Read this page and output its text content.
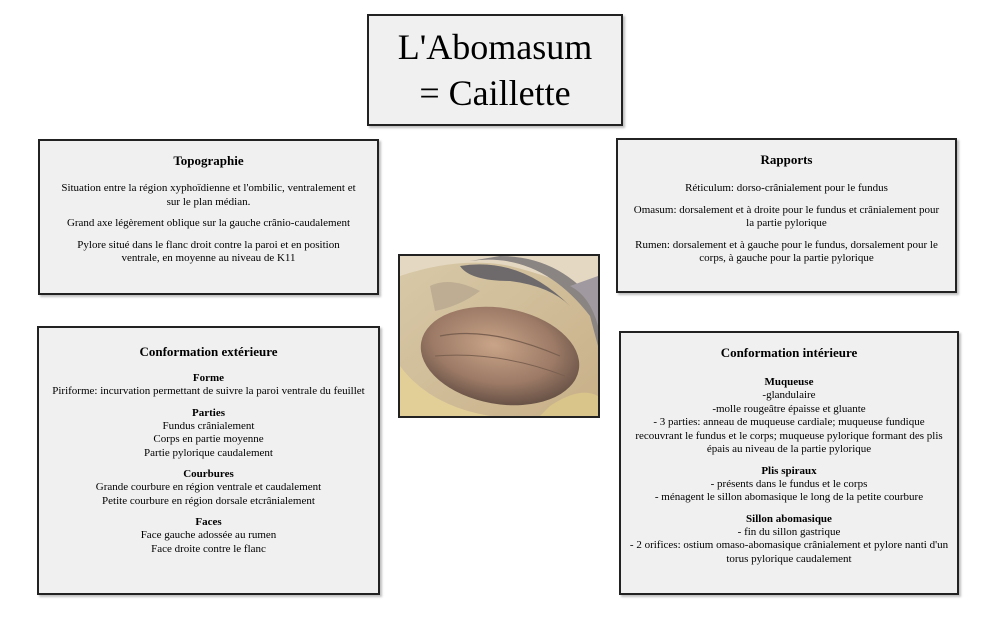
L'Abomasum
= Caillette
Topographie

Situation entre la région xyphoïdienne et l'ombilic, ventralement et sur le plan médian.

Grand axe légèrement oblique sur la gauche crânio-caudalement

Pylore situé dans le flanc droit contre la paroi et en position ventrale, en moyenne au niveau de K11

Rapports

Réticulum: dorso-crânialement pour le fundus

Omasum: dorsalement et à droite pour le fundus et crânialement pour la partie pylorique

Rumen: dorsalement et à gauche pour le fundus, dorsalement pour le corps, à gauche pour la partie pylorique

Conformation extérieure
Forme

Piriforme: incurvation permettant de suivre la paroi ventrale du feuillet

Parties

Fundus crânialement

Corps en partie moyenne

Partie pylorique caudalement

Courbures

Grande courbure en région ventrale et caudalement

Petite courbure en région dorsale etcrânialement

Faces

Face gauche adossée au rumen

Face droite contre le flanc

Conformation intérieure
Muqueuse

-glandulaire

-molle rougeâtre épaisse et gluante

- 3 parties: anneau de muqueuse cardiale; muqueuse fundique recouvrant le fundus et le corps; muqueuse pylorique formant des plis épais au niveau de la partie pylorique

Plis spiraux

- présents dans le fundus et le corps

- ménagent le sillon abomasique le long de la petite courbure

Sillon abomasique

- fin du sillon gastrique

- 2 orifices: ostium omaso-abomasique crânialement et pylore nanti d'un torus pylorique caudalement
